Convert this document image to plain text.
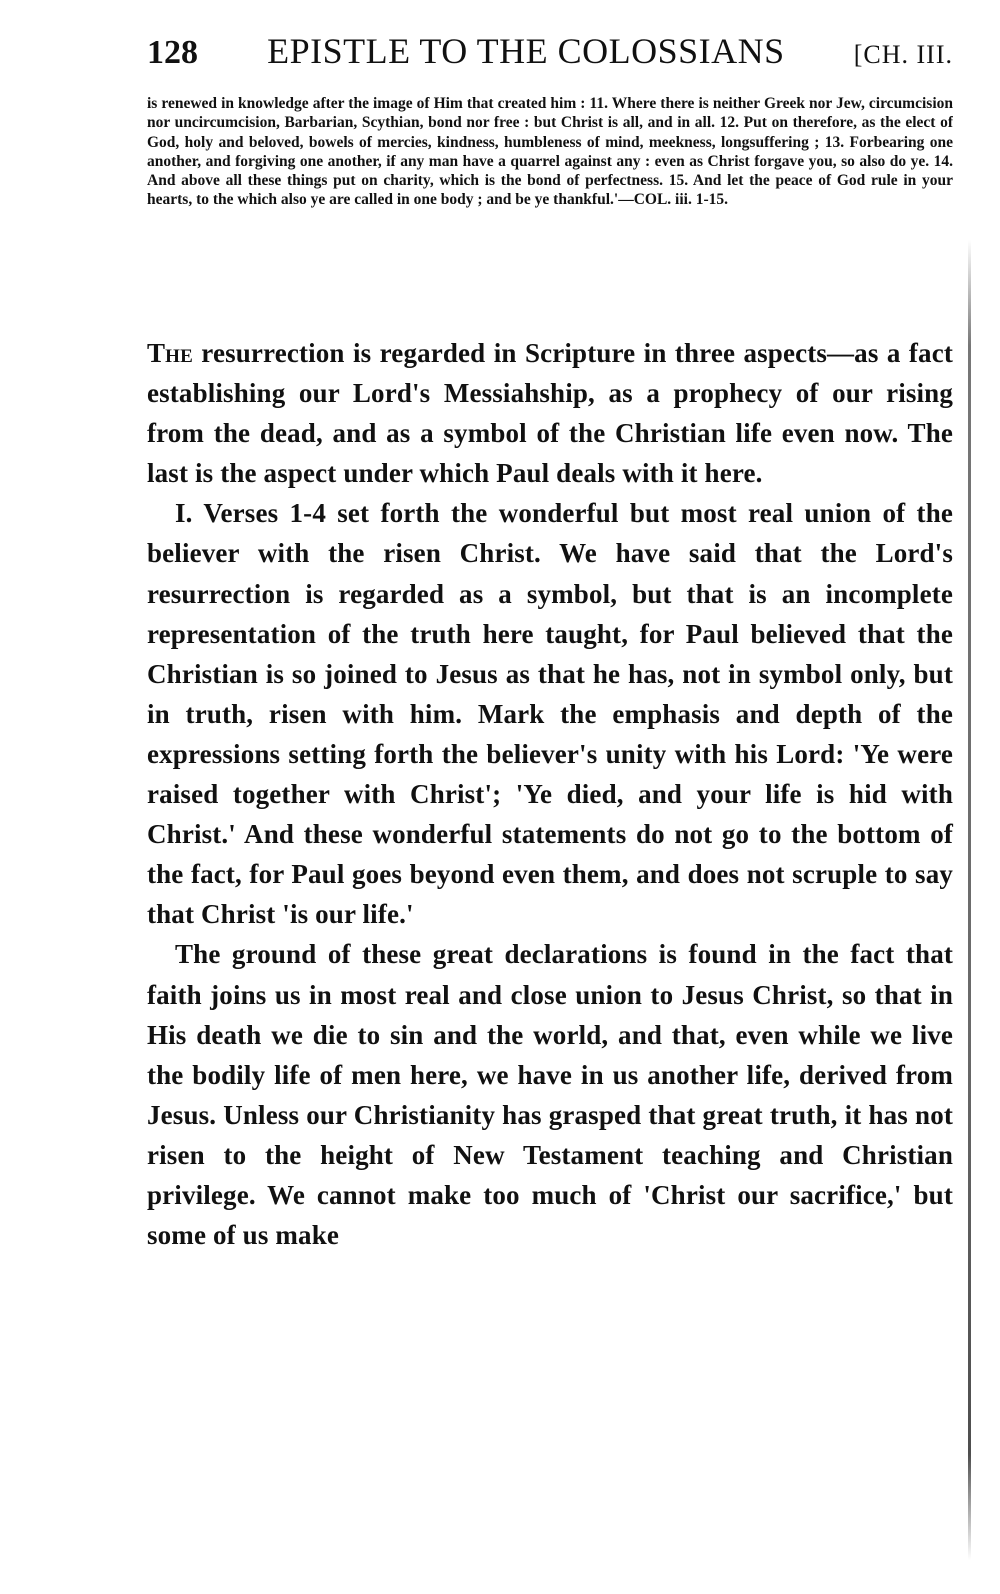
128	EPISTLE TO THE COLOSSIANS	[CH. III.
is renewed in knowledge after the image of Him that created him : 11. Where there is neither Greek nor Jew, circumcision nor uncircumcision, Barbarian, Scythian, bond nor free : but Christ is all, and in all. 12. Put on therefore, as the elect of God, holy and beloved, bowels of mercies, kindness, humbleness of mind, meekness, longsuffering ; 13. Forbearing one another, and forgiving one another, if any man have a quarrel against any : even as Christ forgave you, so also do ye. 14. And above all these things put on charity, which is the bond of perfectness. 15. And let the peace of God rule in your hearts, to the which also ye are called in one body ; and be ye thankful.'—COL. iii. 1-15.

The resurrection is regarded in Scripture in three aspects—as a fact establishing our Lord's Messiahship, as a prophecy of our rising from the dead, and as a symbol of the Christian life even now. The last is the aspect under which Paul deals with it here.

I. Verses 1-4 set forth the wonderful but most real union of the believer with the risen Christ. We have said that the Lord's resurrection is regarded as a symbol, but that is an incomplete representation of the truth here taught, for Paul believed that the Christian is so joined to Jesus as that he has, not in symbol only, but in truth, risen with him. Mark the emphasis and depth of the expressions setting forth the believer's unity with his Lord: 'Ye were raised together with Christ'; 'Ye died, and your life is hid with Christ.' And these wonderful statements do not go to the bottom of the fact, for Paul goes beyond even them, and does not scruple to say that Christ 'is our life.'

The ground of these great declarations is found in the fact that faith joins us in most real and close union to Jesus Christ, so that in His death we die to sin and the world, and that, even while we live the bodily life of men here, we have in us another life, derived from Jesus. Unless our Christianity has grasped that great truth, it has not risen to the height of New Testament teaching and Christian privilege. We cannot make too much of 'Christ our sacrifice,' but some of us make
